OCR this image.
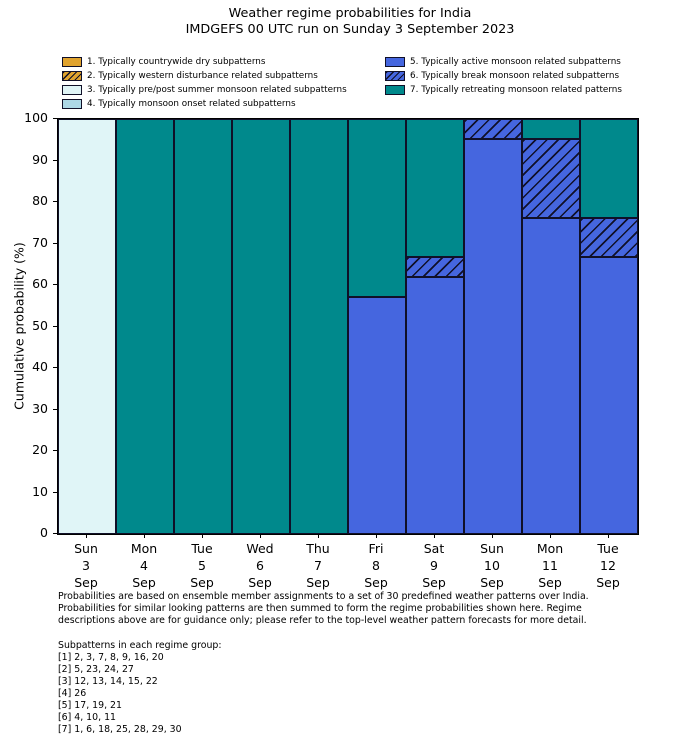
Weather regime probabilities for India
IMDGEFS 00 UTC run on Sunday 3 September 2023
1. Typically countrywide dry subpatterns
2. Typically western disturbance related subpatterns
3. Typically pre/post summer monsoon related subpatterns
4. Typically monsoon onset related subpatterns
5. Typically active monsoon related subpatterns
6. Typically break monsoon related subpatterns
7. Typically retreating monsoon related patterns
Cumulative probability (%)
0
10
20
30
40
50
60
70
80
90
100
Sun
3
Sep
Mon
4
Sep
Tue
5
Sep
Wed
6
Sep
Thu
7
Sep
Fri
8
Sep
Sat
9
Sep
Sun
10
Sep
Mon
11
Sep
Tue
12
Sep
Probabilities are based on ensemble member assignments to a set of 30 predefined weather patterns over India.
Probabilities for similar looking patterns are then summed to form the regime probabilities shown here. Regime
descriptions above are for guidance only; please refer to the top-level weather pattern forecasts for more detail.
Subpatterns in each regime group:
[1] 2, 3, 7, 8, 9, 16, 20
[2] 5, 23, 24, 27
[3] 12, 13, 14, 15, 22
[4] 26
[5] 17, 19, 21
[6] 4, 10, 11
[7] 1, 6, 18, 25, 28, 29, 30
